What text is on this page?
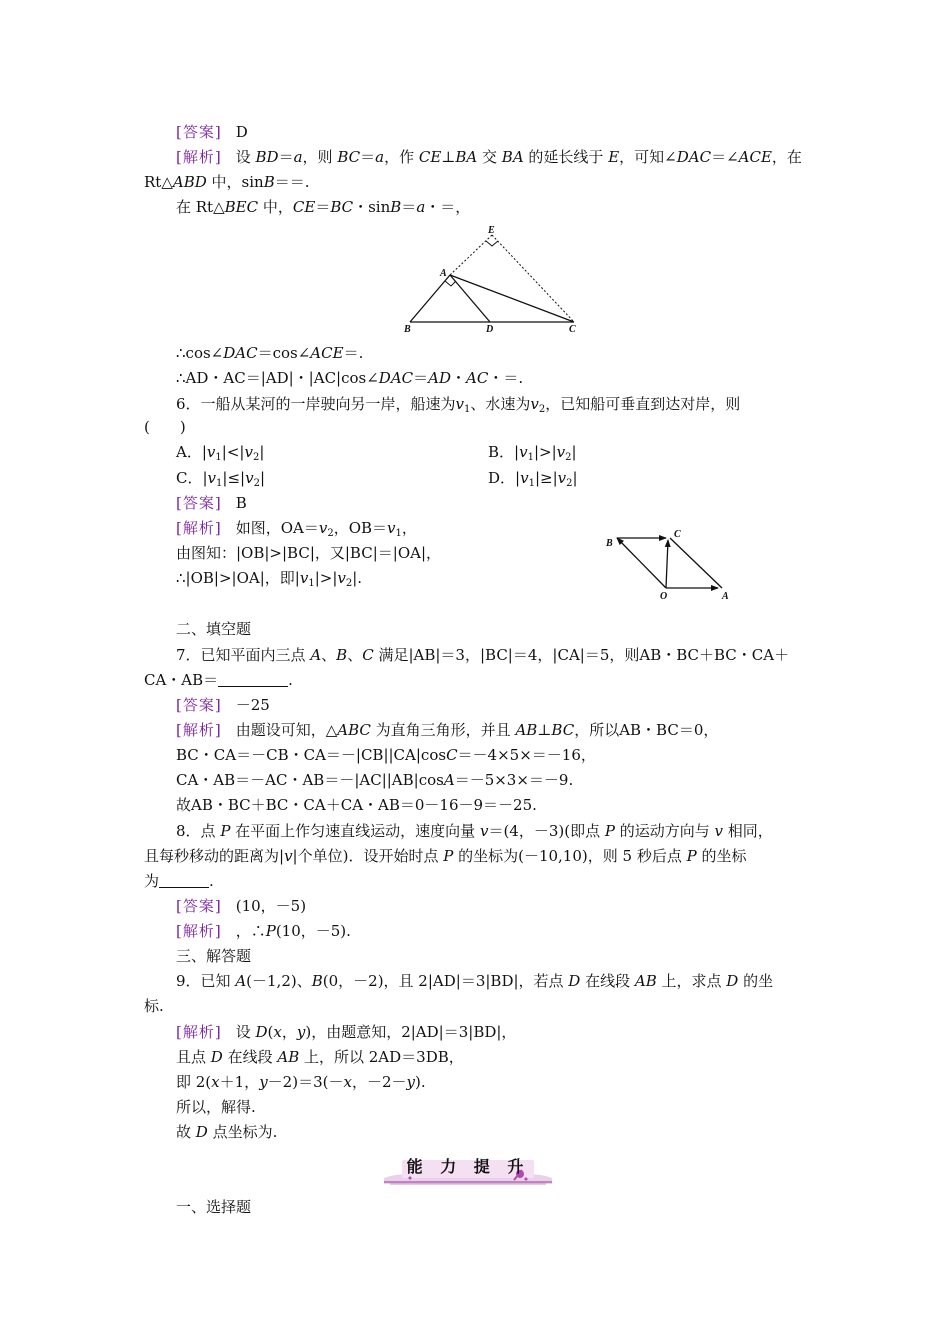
[答案] D
[解析] 设 BD＝a，则 BC＝a，作 CE⊥BA 交 BA 的延长线于 E，可知∠DAC＝∠ACE，在
Rt△ABD 中，sinB＝＝.
在 Rt△BEC 中，CE＝BC・sinB＝a・＝，
E
A
B	D	C
∴cos∠DAC＝cos∠ACE＝.
∴AD・AC＝|AD|・|AC|cos∠DAC＝AD・AC・＝.
6．一船从某河的一岸驶向另一岸，船速为$v_1$、水速为$v_2$，已知船可垂直到达对岸，则
(　　)
A．$|v_1|<|v_2|$	B．$|v_1|>|v_2|$
C．$|v_1|\le|v_2|$	D．$|v_1|\ge|v_2|$
[答案] B
[解析] 如图，$OA=v_2$，$OB=v_1$，
由图知：|OB|>|BC|，又|BC|＝|OA|，
∴|OB|>|OA|，即$|v_1|>|v_2|$.
B
C
O	A
二、填空题
7．已知平面内三点 A、B、C 满足|AB|＝3，|BC|＝4，|CA|＝5，则AB・BC＋BC・CA＋
CA・AB＝	.
[答案] －25
[解析] 由题设可知，△ABC 为直角三角形，并且 AB⊥BC，所以AB・BC＝0，
BC・CA＝－CB・CA＝－|CB||CA|cosC＝－4×5×＝－16，
CA・AB＝－AC・AB＝－|AC||AB|cosA＝－5×3×＝－9.
故AB・BC＋BC・CA＋CA・AB＝0－16－9＝－25.
8．点 P 在平面上作匀速直线运动，速度向量 v＝(4，－3)(即点 P 的运动方向与 v 相同，
且每秒移动的距离为|v|个单位)．设开始时点 P 的坐标为(－10,10)，则 5 秒后点 P 的坐标
为	.
[答案] (10，－5)
[解析] ，∴P(10，－5).
三、解答题
9．已知 A(－1,2)、B(0，－2)，且 2|AD|＝3|BD|，若点 D 在线段 AB 上，求点 D 的坐
标.
[解析] 设 D(x，y)，由题意知，2|AD|＝3|BD|，
且点 D 在线段 AB 上，所以 2AD＝3DB，
即 2(x＋1，y－2)＝3(－x，－2－y).
所以，解得.
故 D 点坐标为.
能 力 提 升
一、选择题
